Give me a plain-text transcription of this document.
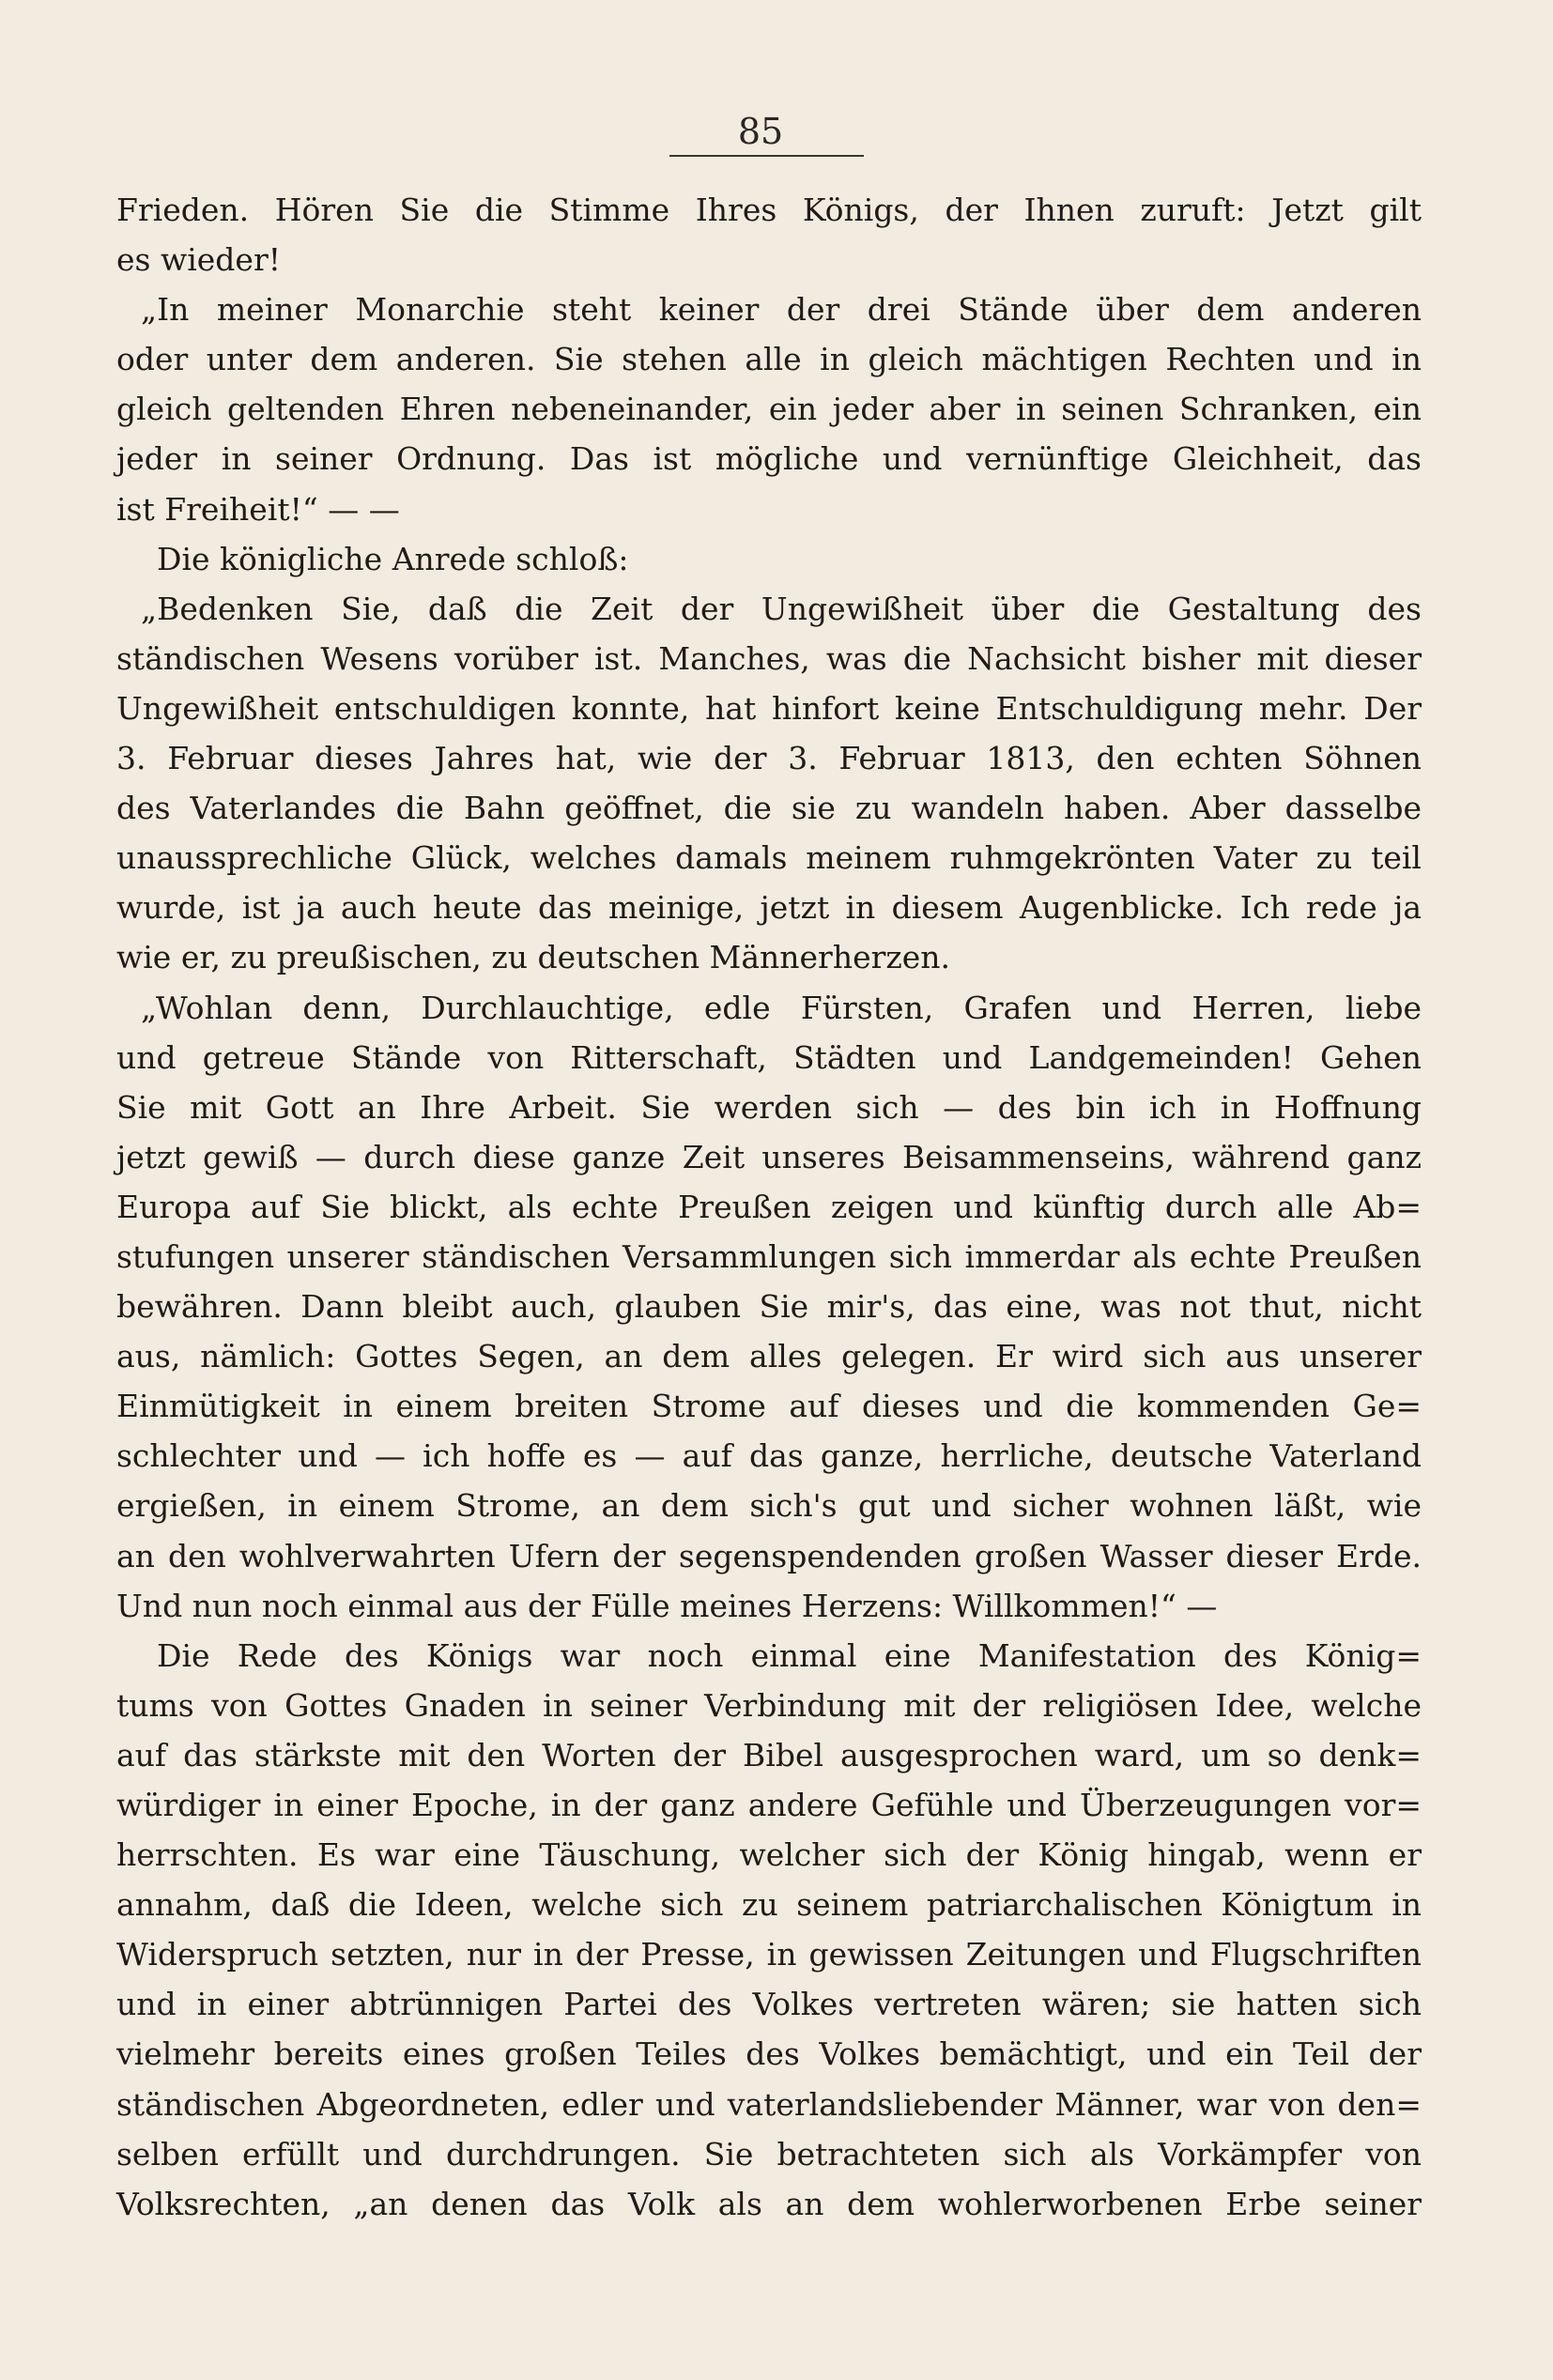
85
Frieden. Hören Sie die Stimme Ihres Königs, der Ihnen zuruft: Jetzt gilt
es wieder!
„In meiner Monarchie steht keiner der drei Stände über dem anderen
oder unter dem anderen. Sie stehen alle in gleich mächtigen Rechten und in
gleich geltenden Ehren nebeneinander, ein jeder aber in seinen Schranken, ein
jeder in seiner Ordnung. Das ist mögliche und vernünftige Gleichheit, das
ist Freiheit!“ — —
Die königliche Anrede schloß:
„Bedenken Sie, daß die Zeit der Ungewißheit über die Gestaltung des
ständischen Wesens vorüber ist. Manches, was die Nachsicht bisher mit dieser
Ungewißheit entschuldigen konnte, hat hinfort keine Entschuldigung mehr. Der
3. Februar dieses Jahres hat, wie der 3. Februar 1813, den echten Söhnen
des Vaterlandes die Bahn geöffnet, die sie zu wandeln haben. Aber dasselbe
unaussprechliche Glück, welches damals meinem ruhmgekrönten Vater zu teil
wurde, ist ja auch heute das meinige, jetzt in diesem Augenblicke. Ich rede ja
wie er, zu preußischen, zu deutschen Männerherzen.
„Wohlan denn, Durchlauchtige, edle Fürsten, Grafen und Herren, liebe
und getreue Stände von Ritterschaft, Städten und Landgemeinden! Gehen
Sie mit Gott an Ihre Arbeit. Sie werden sich — des bin ich in Hoffnung
jetzt gewiß — durch diese ganze Zeit unseres Beisammenseins, während ganz
Europa auf Sie blickt, als echte Preußen zeigen und künftig durch alle Ab=
stufungen unserer ständischen Versammlungen sich immerdar als echte Preußen
bewähren. Dann bleibt auch, glauben Sie mir's, das eine, was not thut, nicht
aus, nämlich: Gottes Segen, an dem alles gelegen. Er wird sich aus unserer
Einmütigkeit in einem breiten Strome auf dieses und die kommenden Ge=
schlechter und — ich hoffe es — auf das ganze, herrliche, deutsche Vaterland
ergießen, in einem Strome, an dem sich's gut und sicher wohnen läßt, wie
an den wohlverwahrten Ufern der segenspendenden großen Wasser dieser Erde.
Und nun noch einmal aus der Fülle meines Herzens: Willkommen!“ —
Die Rede des Königs war noch einmal eine Manifestation des König=
tums von Gottes Gnaden in seiner Verbindung mit der religiösen Idee, welche
auf das stärkste mit den Worten der Bibel ausgesprochen ward, um so denk=
würdiger in einer Epoche, in der ganz andere Gefühle und Überzeugungen vor=
herrschten. Es war eine Täuschung, welcher sich der König hingab, wenn er
annahm, daß die Ideen, welche sich zu seinem patriarchalischen Königtum in
Widerspruch setzten, nur in der Presse, in gewissen Zeitungen und Flugschriften
und in einer abtrünnigen Partei des Volkes vertreten wären; sie hatten sich
vielmehr bereits eines großen Teiles des Volkes bemächtigt, und ein Teil der
ständischen Abgeordneten, edler und vaterlandsliebender Männer, war von den=
selben erfüllt und durchdrungen. Sie betrachteten sich als Vorkämpfer von
Volksrechten, „an denen das Volk als an dem wohlerworbenen Erbe seiner
